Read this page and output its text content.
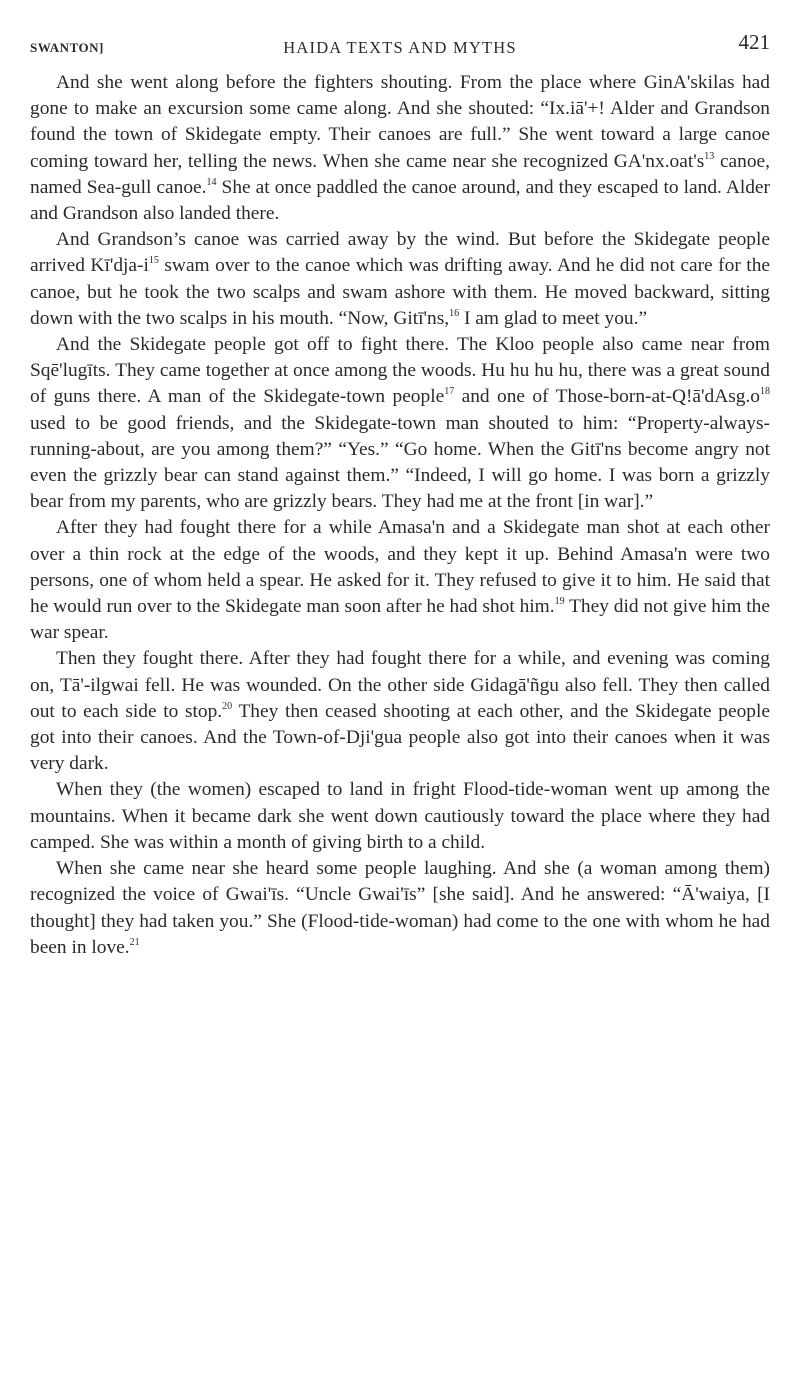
SWANTON]	HAIDA TEXTS AND MYTHS	421

And she went along before the fighters shouting. From the place where GinA'skilas had gone to make an excursion some came along. And she shouted: “Ix.iā'+! Alder and Grandson found the town of Skidegate empty. Their canoes are full.” She went toward a large canoe coming toward her, telling the news. When she came near she recognized $GA'nx.oat's^{13}$ canoe, named Sea-gull canoe.$^{14}$ She at once paddled the canoe around, and they escaped to land. Alder and Grandson also landed there.

And Grandson’s canoe was carried away by the wind. But before the Skidegate people arrived $Kī'dja-i^{15}$ swam over to the canoe which was drifting away. And he did not care for the canoe, but he took the two scalps and swam ashore with them. He moved backward, sitting down with the two scalps in his mouth. “Now, Gitī'ns,$^{16}$ I am glad to meet you.”

And the Skidegate people got off to fight there. The Kloo people also came near from Sqē'lugīts. They came together at once among the woods. Hu hu hu hu, there was a great sound of guns there. A man of the Skidegate-town people$^{17}$ and one of Those-$born-at-Q!ā'dAsg.o^{18}$ used to be good friends, and the Skidegate-town man shouted to him: “Property-always-running-about, are you among them?” “Yes.” “Go home. When the Gitī'ns become angry not even the grizzly bear can stand against them.” “Indeed, I will go home. I was born a grizzly bear from my parents, who are grizzly bears. They had me at the front [in war].”

After they had fought there for a while Amasa'n and a Skidegate man shot at each other over a thin rock at the edge of the woods, and they kept it up. Behind Amasa'n were two persons, one of whom held a spear. He asked for it. They refused to give it to him. He said that he would run over to the Skidegate man soon after he had shot him.$^{19}$ They did not give him the war spear.

Then they fought there. After they had fought there for a while, and evening was coming on, Tā'-ilgwai fell. He was wounded. On the other side Gidagā'ñgu also fell. They then called out to each side to stop.$^{20}$ They then ceased shooting at each other, and the Skidegate people got into their canoes. And the Town-of-Dji'gua people also got into their canoes when it was very dark.

When they (the women) escaped to land in fright Flood-tide-woman went up among the mountains. When it became dark she went down cautiously toward the place where they had camped. She was within a month of giving birth to a child.

When she came near she heard some people laughing. And she (a woman among them) recognized the voice of Gwai'īs. “Uncle Gwai'īs” [she said]. And he answered: “Ā'waiya, [I thought] they had taken you.” She (Flood-tide-woman) had come to the one with whom he had been in love.$^{21}$
